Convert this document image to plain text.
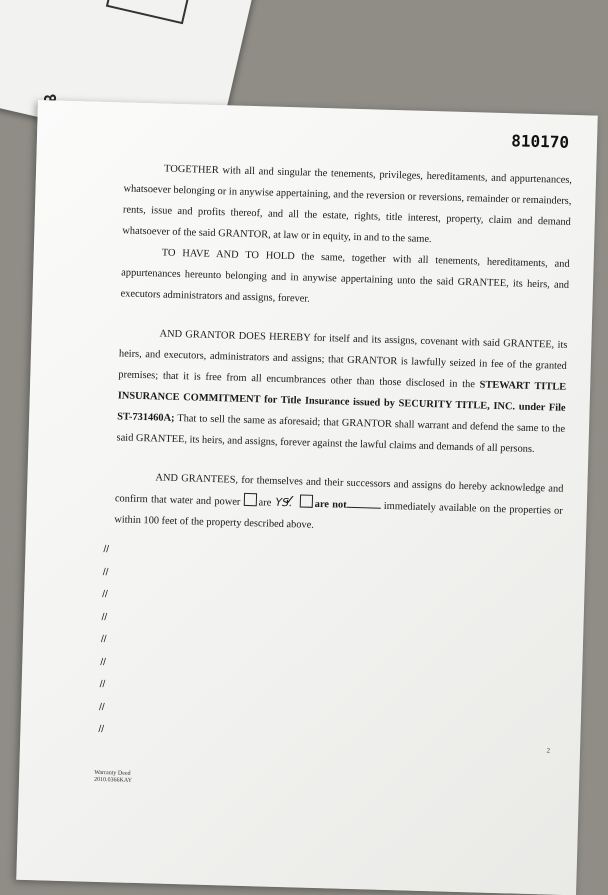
810170

TOGETHER with all and singular the tenements, privileges, hereditaments, and appurtenances, whatsoever belonging or in anywise appertaining, and the reversion or reversions, remainder or remainders, rents, issue and profits thereof, and all the estate, rights, title interest, property, claim and demand whatsoever of the said GRANTOR, at law or in equity, in and to the same.

TO HAVE AND TO HOLD the same, together with all tenements, hereditaments, and appurtenances hereunto belonging and in anywise appertaining unto the said GRANTEE, its heirs, and executors administrators and assigns, forever.

AND GRANTOR DOES HEREBY for itself and its assigns, covenant with said GRANTEE, its heirs, and executors, administrators and assigns; that GRANTOR is lawfully seized in fee of the granted premises; that it is free from all encumbrances other than those disclosed in the STEWART TITLE INSURANCE COMMITMENT for Title Insurance issued by SECURITY TITLE, INC. under File ST-731460A; That to sell the same as aforesaid; that GRANTOR shall warrant and defend the same to the said GRANTEE, its heirs, and assigns, forever against the lawful claims and demands of all persons.

AND GRANTEES, for themselves and their successors and assigns do hereby acknowledge and confirm that water and power ✓are YS. are not	immediately available on the properties or within 100 feet of the property described above.

//
//
//
//
//
//
//
//
//
2
Warranty Deed
2010.0366KAY
